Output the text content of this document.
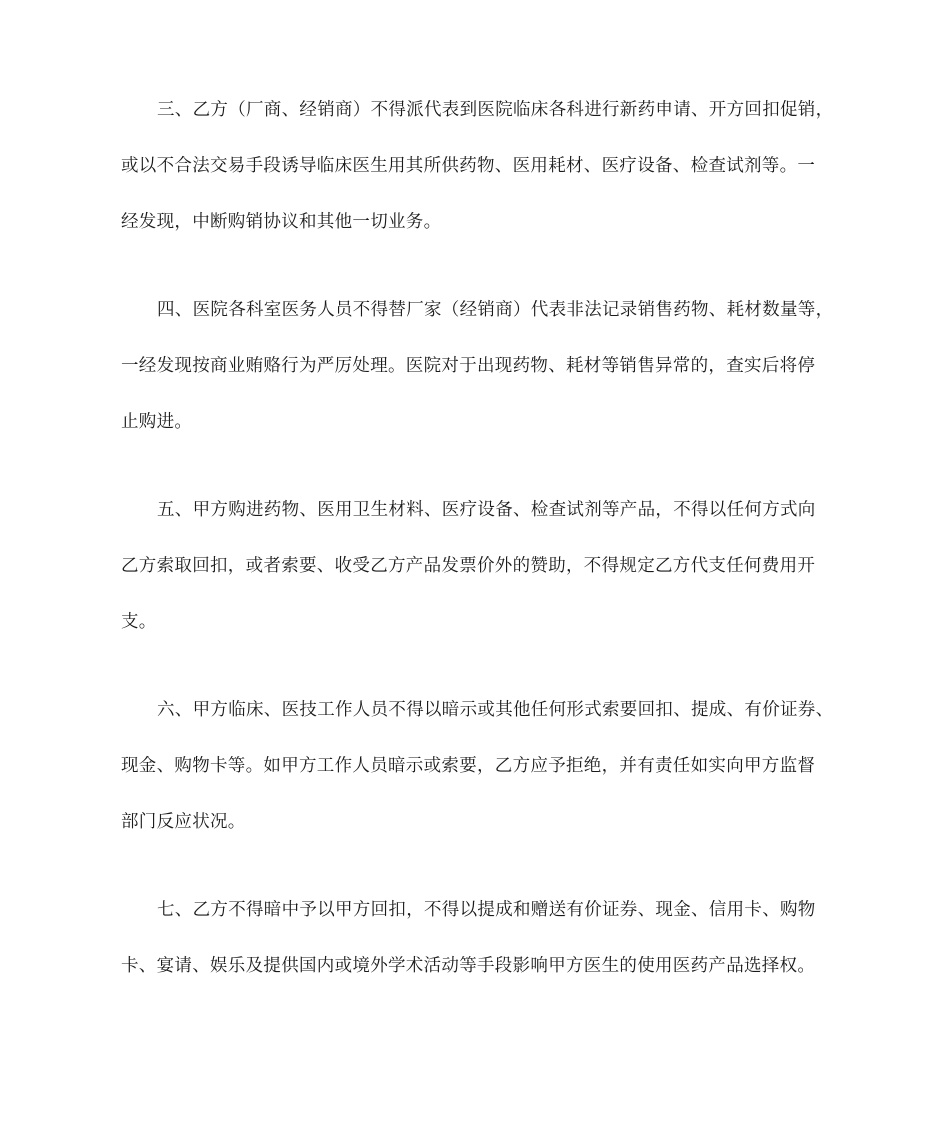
三、乙方（厂商、经销商）不得派代表到医院临床各科进行新药申请、开方回扣促销，
或以不合法交易手段诱导临床医生用其所供药物、医用耗材、医疗设备、检查试剂等。一
经发现，中断购销协议和其他一切业务。
四、医院各科室医务人员不得替厂家（经销商）代表非法记录销售药物、耗材数量等，
一经发现按商业贿赂行为严厉处理。医院对于出现药物、耗材等销售异常的，查实后将停
止购进。
五、甲方购进药物、医用卫生材料、医疗设备、检查试剂等产品，不得以任何方式向
乙方索取回扣，或者索要、收受乙方产品发票价外的赞助，不得规定乙方代支任何费用开
支。
六、甲方临床、医技工作人员不得以暗示或其他任何形式索要回扣、提成、有价证券、
现金、购物卡等。如甲方工作人员暗示或索要，乙方应予拒绝，并有责任如实向甲方监督
部门反应状况。
七、乙方不得暗中予以甲方回扣，不得以提成和赠送有价证券、现金、信用卡、购物
卡、宴请、娱乐及提供国内或境外学术活动等手段影响甲方医生的使用医药产品选择权。
